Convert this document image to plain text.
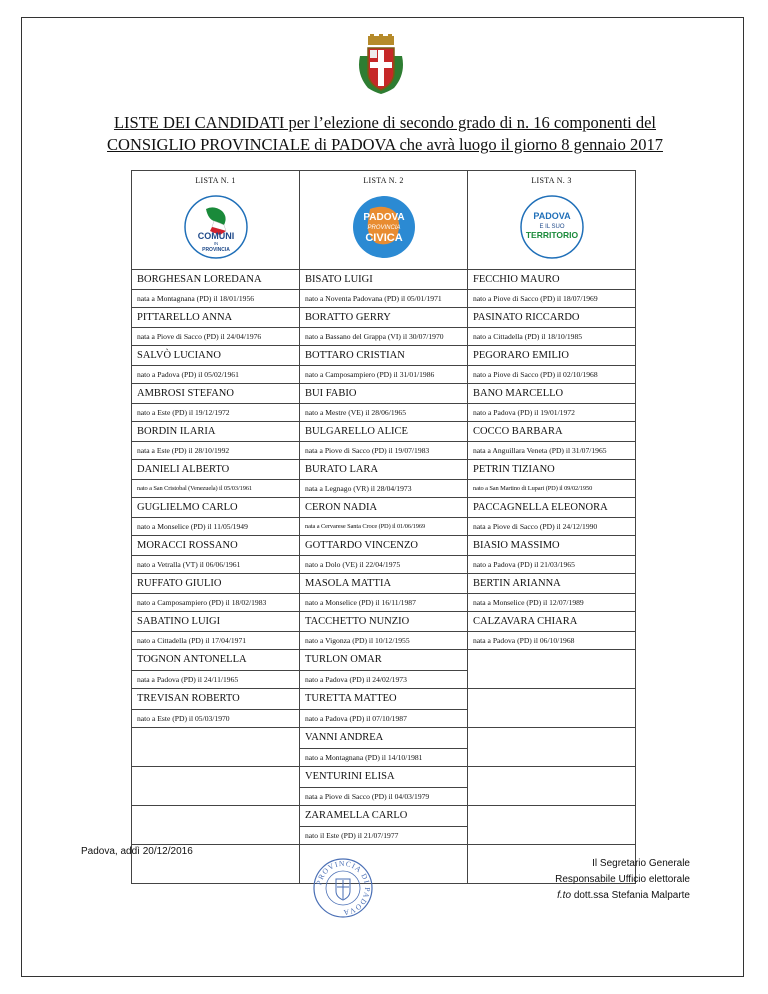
LISTE DEI CANDIDATI per l’elezione di secondo grado di n. 16 componenti del
CONSIGLIO PROVINCIALE di PADOVA che avrà luogo il giorno 8 gennaio 2017
LISTA N. 1
COMUNI
IN
PROVINCIA	LISTA N. 2
PADOVA
PROVINCIA
CIVICA	LISTA N. 3
PADOVA
E IL SUO
TERRITORIO

BORGHESAN LOREDANA	BISATO LUIGI	FECCHIO MAURO
nata a Montagnana (PD) il 18/01/1956	nato a Noventa Padovana (PD) il 05/01/1971	nato a Piove di Sacco (PD) il 18/07/1969
PITTARELLO ANNA	BORATTO GERRY	PASINATO RICCARDO
nata a Piove di Sacco (PD) il 24/04/1976	nato a Bassano del Grappa (VI) il 30/07/1970	nato a Cittadella (PD) il 18/10/1985
SALVÒ LUCIANO	BOTTARO CRISTIAN	PEGORARO EMILIO
nato a Padova (PD) il 05/02/1961	nato a Camposampiero (PD) il 31/01/1986	nato a Piove di Sacco (PD) il 02/10/1968
AMBROSI STEFANO	BUI FABIO	BANO MARCELLO
nato a Este (PD) il 19/12/1972	nato a Mestre (VE) il 28/06/1965	nato a Padova (PD) il 19/01/1972
BORDIN ILARIA	BULGARELLO ALICE	COCCO BARBARA
nata a Este (PD) il 28/10/1992	nata a Piove di Sacco (PD) il 19/07/1983	nata a Anguillara Veneta (PD) il 31/07/1965
DANIELI ALBERTO	BURATO LARA	PETRIN TIZIANO
nato a San Cristobal (Venezuela) il 05/03/1961	nata a Legnago (VR) il 28/04/1973	nato a San Martino di Lupari (PD) il 09/02/1950
GUGLIELMO CARLO	CERON NADIA	PACCAGNELLA ELEONORA
nato a Monselice (PD) il 11/05/1949	nata a Cervarese Santa Croce (PD) il 01/06/1969	nata a Piove di Sacco (PD) il 24/12/1990
MORACCI ROSSANO	GOTTARDO VINCENZO	BIASIO MASSIMO
nato a Vetralla (VT) il 06/06/1961	nato a Dolo (VE) il 22/04/1975	nato a Padova (PD) il 21/03/1965
RUFFATO GIULIO	MASOLA MATTIA	BERTIN ARIANNA
nato a Camposampiero (PD) il 18/02/1983	nato a Monselice (PD) il 16/11/1987	nata a Monselice (PD) il 12/07/1989
SABATINO LUIGI	TACCHETTO NUNZIO	CALZAVARA CHIARA
nato a Cittadella (PD) il 17/04/1971	nato a Vigonza (PD) il 10/12/1955	nata a Padova (PD) il 06/10/1968
TOGNON ANTONELLA	TURLON OMAR	
nata a Padova (PD) il 24/11/1965	nato a Padova (PD) il 24/02/1973	
TREVISAN ROBERTO	TURETTA MATTEO	
nato a Este (PD) il 05/03/1970	nato a Padova (PD) il 07/10/1987	
	VANNI ANDREA	
	nato a Montagnana (PD) il 14/10/1981	
	VENTURINI ELISA	
	nata a Piove di Sacco (PD) il 04/03/1979	
	ZARAMELLA CARLO	
	nato il Este (PD) il 21/07/1977	

Padova, addì 20/12/2016
PROVINCIA DI PADOVA
Il Segretario Generale
Responsabile Ufficio elettorale
f.to dott.ssa Stefania Malparte
